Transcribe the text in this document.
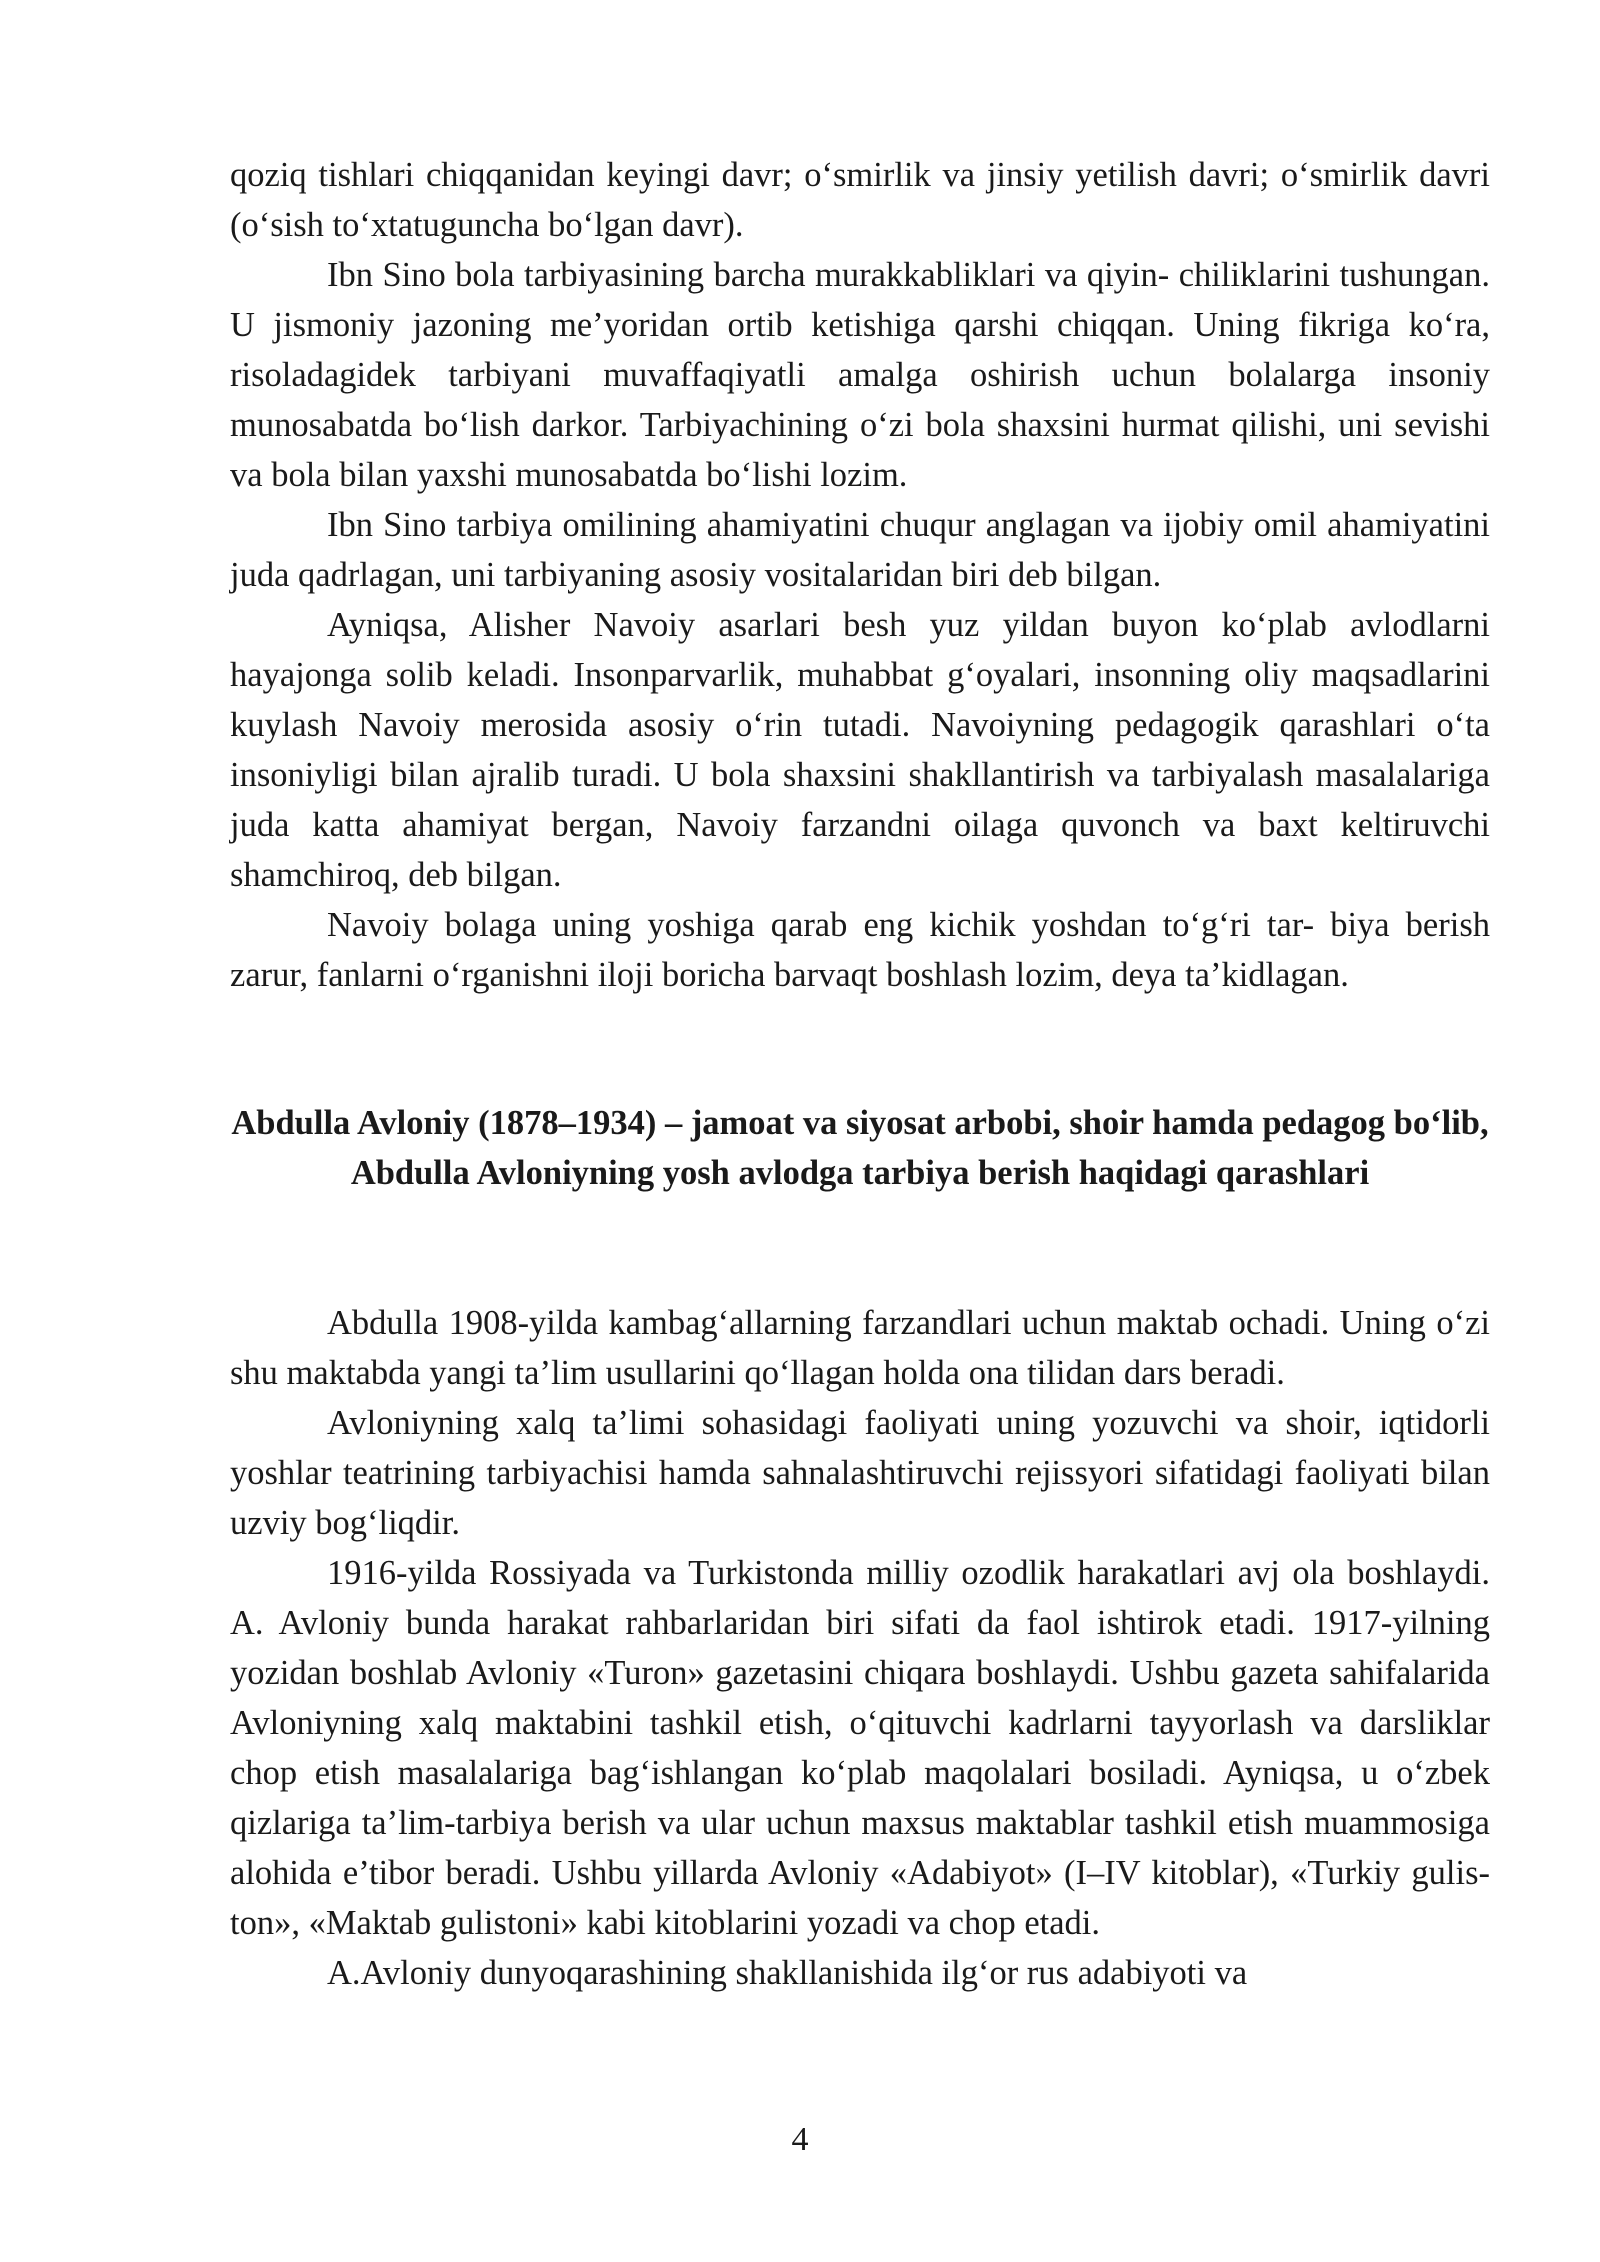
qoziq tishlari chiqqanidan keyingi davr; o‘smirlik va jinsiy yetilish davri; o‘smirlik davri (o‘sish to‘xtatuguncha bo‘lgan davr).

Ibn Sino bola tarbiyasining barcha murakkabliklari va qiyin- chiliklarini tushungan. U jismoniy jazoning me’yoridan ortib ketishiga qarshi chiqqan. Uning fikriga ko‘ra, risoladagidek tarbiyani muvaffaqiyatli amalga oshirish uchun bolalarga insoniy munosabatda bo‘lish darkor. Tarbiyachining o‘zi bola shaxsini hurmat qilishi, uni sevishi va bola bilan yaxshi munosabatda bo‘lishi lozim.

Ibn Sino tarbiya omilining ahamiyatini chuqur anglagan va ijobiy omil ahamiyatini juda qadrlagan, uni tarbiyaning asosiy vositalaridan biri deb bilgan.

Ayniqsa, Alisher Navoiy asarlari besh yuz yildan buyon ko‘plab avlodlarni hayajonga solib keladi. Insonparvarlik, muhabbat g‘oyalari, insonning oliy maqsadlarini kuylash Navoiy merosida asosiy o‘rin tutadi. Navoiyning pedagogik qarashlari o‘ta insoniyligi bilan ajralib turadi. U bola shaxsini shakllantirish va tarbiyalash masalalariga juda katta ahamiyat bergan, Navoiy farzandni oilaga quvonch va baxt keltiruvchi shamchiroq, deb bilgan.

Navoiy bolaga uning yoshiga qarab eng kichik yoshdan to‘g‘ri tar- biya berish zarur, fanlarni o‘rganishni iloji boricha barvaqt boshlash lozim, deya ta’kidlagan.

Abdulla Avloniy (1878–1934) – jamoat va siyosat arbobi, shoir hamda pedagog bo‘lib, Abdulla Avloniyning yosh avlodga tarbiya berish haqidagi qarashlari

Abdulla 1908-yilda kambag‘allarning farzandlari uchun maktab ochadi. Uning o‘zi shu maktabda yangi ta’lim usullarini qo‘llagan holda ona tilidan dars beradi.

Avloniyning xalq ta’limi sohasidagi faoliyati uning yozuvchi va shoir, iqtidorli yoshlar teatrining tarbiyachisi hamda sahnalashtiruvchi rejissyori sifatidagi faoliyati bilan uzviy bog‘liqdir.

1916-yilda Rossiyada va Turkistonda milliy ozodlik harakatlari avj ola boshlaydi. A. Avloniy bunda harakat rahbarlaridan biri sifati da faol ishtirok etadi. 1917-yilning yozidan boshlab Avloniy «Turon» gazetasini chiqara boshlaydi. Ushbu gazeta sahifalarida Avloniyning xalq maktabini tashkil etish, o‘qituvchi kadrlarni tayyorlash va darsliklar chop etish masalalariga bag‘ishlangan ko‘plab maqolalari bosiladi. Ayniqsa, u o‘zbek qizlariga ta’lim-tarbiya berish va ular uchun maxsus maktablar tashkil etish muammosiga alohida e’tibor beradi. Ushbu yillarda Avloniy «Adabiyot» (I–IV kitoblar), «Turkiy gulis- ton», «Maktab gulistoni» kabi kitoblarini yozadi va chop etadi.

A.Avloniy dunyoqarashining shakllanishida ilg‘or rus adabiyoti va

4
